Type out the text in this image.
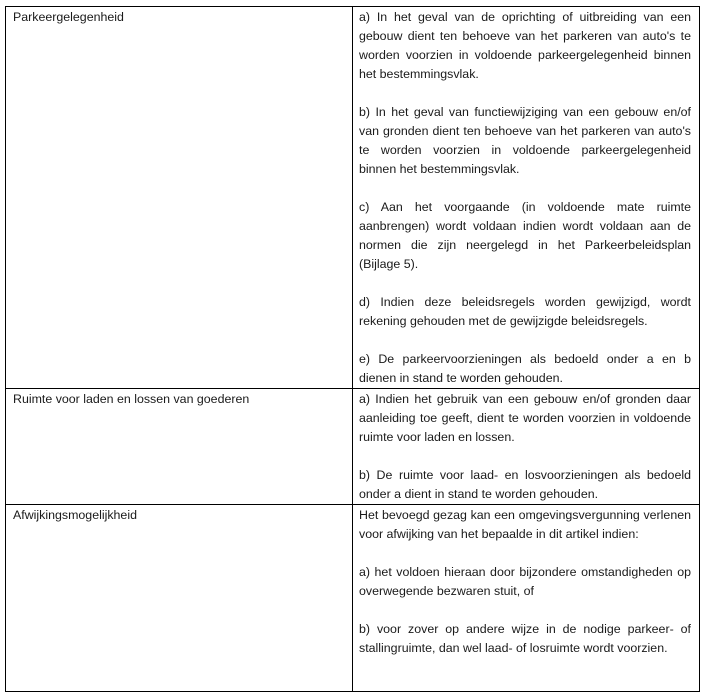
Parkeergelegenheid	a) In het geval van de oprichting of uitbreiding van een gebouw dient ten behoeve van het parkeren van auto's te worden voorzien in voldoende parkeergelegenheid binnen het bestemmingsvlak.

b) In het geval van functiewijziging van een gebouw en/of van gronden dient ten behoeve van het parkeren van auto's te worden voorzien in voldoende parkeergelegenheid binnen het bestemmingsvlak.

c) Aan het voorgaande (in voldoende mate ruimte aanbrengen) wordt voldaan indien wordt voldaan aan de normen die zijn neergelegd in het Parkeerbeleidsplan (Bijlage 5).

d) Indien deze beleidsregels worden gewijzigd, wordt rekening gehouden met de gewijzigde beleidsregels.

e) De parkeervoorzieningen als bedoeld onder a en b dienen in stand te worden gehouden.

Ruimte voor laden en lossen van goederen	a) Indien het gebruik van een gebouw en/of gronden daar aanleiding toe geeft, dient te worden voorzien in voldoende ruimte voor laden en lossen.

b) De ruimte voor laad- en losvoorzieningen als bedoeld onder a dient in stand te worden gehouden.

Afwijkingsmogelijkheid	Het bevoegd gezag kan een omgevingsvergunning verlenen voor afwijking van het bepaalde in dit artikel indien:

a) het voldoen hieraan door bijzondere omstandigheden op overwegende bezwaren stuit, of

b) voor zover op andere wijze in de nodige parkeer- of stallingruimte, dan wel laad- of losruimte wordt voorzien.
